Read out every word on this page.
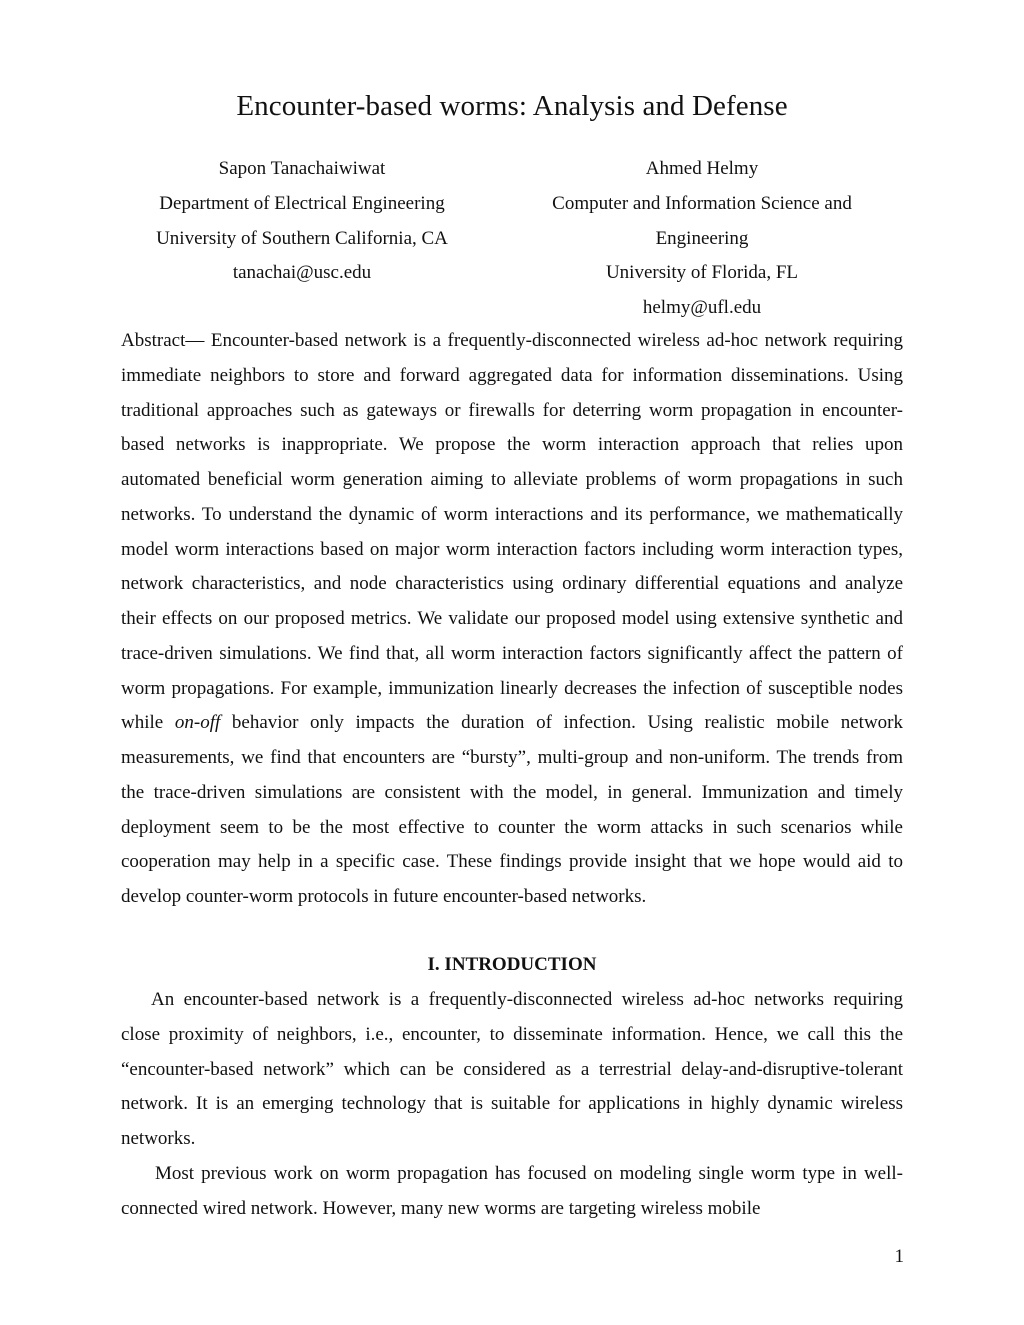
Encounter-based worms: Analysis and Defense
Sapon Tanachaiwiwat
Department of Electrical Engineering
University of Southern California, CA
tanachai@usc.edu
Ahmed Helmy
Computer and Information Science and
Engineering
University of Florida, FL
helmy@ufl.edu
Abstract— Encounter-based network is a frequently-disconnected wireless ad-hoc network requiring immediate neighbors to store and forward aggregated data for information disseminations. Using traditional approaches such as gateways or firewalls for deterring worm propagation in encounter-based networks is inappropriate. We propose the worm interaction approach that relies upon automated beneficial worm generation aiming to alleviate problems of worm propagations in such networks. To understand the dynamic of worm interactions and its performance, we mathematically model worm interactions based on major worm interaction factors including worm interaction types, network characteristics, and node characteristics using ordinary differential equations and analyze their effects on our proposed metrics. We validate our proposed model using extensive synthetic and trace-driven simulations. We find that, all worm interaction factors significantly affect the pattern of worm propagations. For example, immunization linearly decreases the infection of susceptible nodes while on-off behavior only impacts the duration of infection. Using realistic mobile network measurements, we find that encounters are “bursty”, multi-group and non-uniform. The trends from the trace-driven simulations are consistent with the model, in general. Immunization and timely deployment seem to be the most effective to counter the worm attacks in such scenarios while cooperation may help in a specific case. These findings provide insight that we hope would aid to develop counter-worm protocols in future encounter-based networks.
I. INTRODUCTION

An encounter-based network is a frequently-disconnected wireless ad-hoc networks requiring close proximity of neighbors, i.e., encounter, to disseminate information. Hence, we call this the “encounter-based network” which can be considered as a terrestrial delay-and-disruptive-tolerant network. It is an emerging technology that is suitable for applications in highly dynamic wireless networks.

Most previous work on worm propagation has focused on modeling single worm type in well-connected wired network. However, many new worms are targeting wireless mobile

1
